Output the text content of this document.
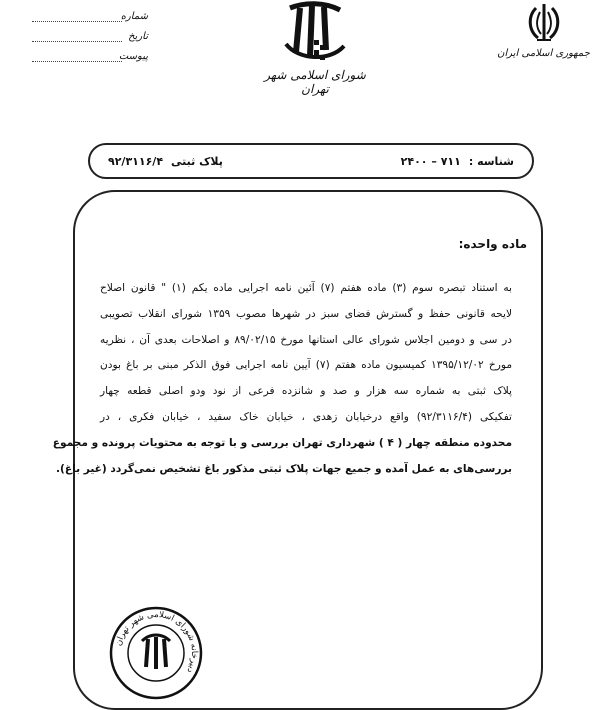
شماره
تاریخ
پیوست
شورای اسلامی شهر تهران
جمهوری اسلامی ایران
شناسه :
۷۱۱ – ۲۴۰۰
پلاک ثبتی
۹۲/۳۱۱۶/۴
ماده واحده:
به استناد تبصره سوم (۳) ماده هفتم (۷) آئین نامه اجرایی ماده یکم (۱) " قانون اصلاح
لایحه قانونی حفظ و گسترش فضای سبز در شهرها مصوب ۱۳۵۹ شورای انقلاب تصویبی
در سی و دومین اجلاس شورای عالی استانها مورخ ۸۹/۰۲/۱۵ و اصلاحات بعدی آن ، نظریه
مورخ ۱۳۹۵/۱۲/۰۲ کمیسیون ماده هفتم (۷) آیین نامه اجرایی فوق الذکر مبنی بر باغ بودن
پلاک ثبتی به شماره سه هزار و صد و شانزده فرعی از نود ودو اصلی قطعه چهار
تفکیکی (۹۲/۳۱۱۶/۴) واقع درخیابان زهدی ، خیابان خاک سفید ، خیابان فکری ، در
محدوده منطقه چهار ( ۴ ) شهرداری تهران بررسی و با توجه به محتویات پرونده و مجموع
بررسی‌های به عمل آمده و جمیع جهات پلاک ثبتی مذکور باغ تشخیص نمی‌گردد (غیر باغ).
دبیرخانه شورای اسلامی شهر تهران
